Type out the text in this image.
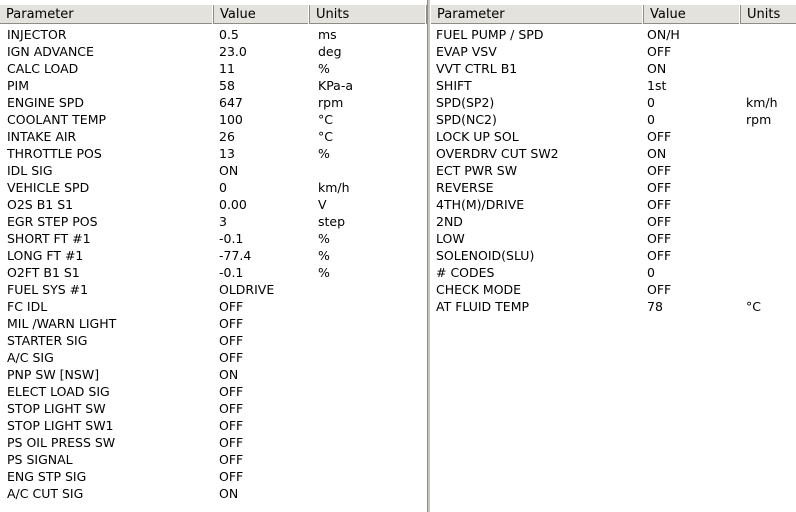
Parameter	Value	Units
INJECTOR	0.5	ms
IGN ADVANCE	23.0	deg
CALC LOAD	11	%
PIM	58	KPa-a
ENGINE SPD	647	rpm
COOLANT TEMP	100	°C
INTAKE AIR	26	°C
THROTTLE POS	13	%
IDL SIG	ON
VEHICLE SPD	0	km/h
O2S B1 S1	0.00	V
EGR STEP POS	3	step
SHORT FT #1	-0.1	%
LONG FT #1	-77.4	%
O2FT B1 S1	-0.1	%
FUEL SYS #1	OLDRIVE
FC IDL	OFF
MIL /WARN LIGHT	OFF
STARTER SIG	OFF
A/C SIG	OFF
PNP SW [NSW]	ON
ELECT LOAD SIG	OFF
STOP LIGHT SW	OFF
STOP LIGHT SW1	OFF
PS OIL PRESS SW	OFF
PS SIGNAL	OFF
ENG STP SIG	OFF
A/C CUT SIG	ON
Parameter	Value	Units
FUEL PUMP / SPD	ON/H
EVAP VSV	OFF
VVT CTRL B1	ON
SHIFT	1st
SPD(SP2)	0	km/h
SPD(NC2)	0	rpm
LOCK UP SOL	OFF
OVERDRV CUT SW2	ON
ECT PWR SW	OFF
REVERSE	OFF
4TH(M)/DRIVE	OFF
2ND	OFF
LOW	OFF
SOLENOID(SLU)	OFF
# CODES	0
CHECK MODE	OFF
AT FLUID TEMP	78	°C
